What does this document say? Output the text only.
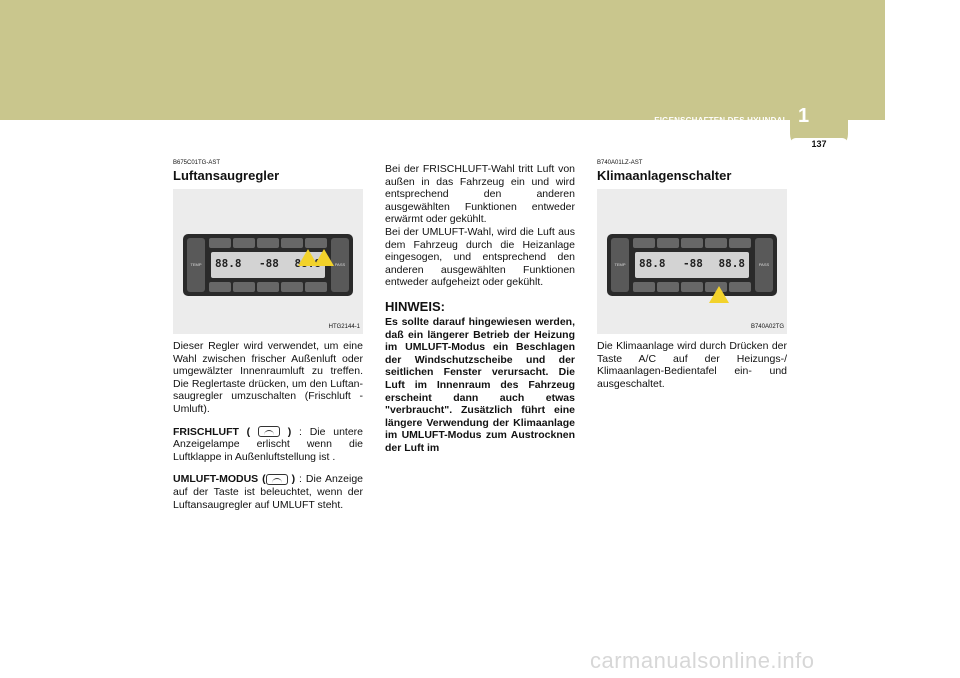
1
EIGENSCHAFTEN DES HYUNDAI
137
B675C01TG-AST
Luftansaugregler
TEMP	PASS
88.8 -88 88.8
HTG2144-1

Dieser Regler wird verwendet, um eine Wahl zwischen frischer Außenluft oder umgewälzter Innenraumluft zu treffen. Die Reglertaste drücken, um den Luftan-saugregler umzuschalten (Frischluft - Umluft).

FRISCHLUFT (	) : Die untere Anzeigelampe erlischt wenn die Luftklappe in Außenluftstellung ist .

UMLUFT-MODUS ( ) : Die Anzeige auf der Taste ist beleuchtet, wenn der Luftansaugregler auf UMLUFT steht.

Bei der FRISCHLUFT-Wahl tritt Luft von außen in das Fahrzeug ein und wird entsprechend den anderen ausgewählten Funktionen entweder erwärmt oder gekühlt.

Bei der UMLUFT-Wahl, wird die Luft aus dem Fahrzeug durch die Heizanlage eingesogen, und entsprechend den anderen ausgewählten Funktionen entweder aufgeheizt oder gekühlt.

HINWEIS:
Es sollte darauf hingewiesen werden, daß ein längerer Betrieb der Heizung im UMLUFT-Modus ein Beschlagen der Windschutzscheibe und der seitlichen Fenster verursacht. Die Luft im Innenraum des Fahrzeug erscheint dann auch etwas "verbraucht". Zusätzlich führt eine längere Verwendung der Klimaanlage im UMLUFT-Modus zum Austrocknen der Luft im
B740A01LZ-AST
Klimaanlagenschalter
TEMP	PASS
88.8 -88 88.8
B740A02TG

Die Klimaanlage wird durch Drücken der Taste A/C auf der Heizungs-/ Klimaanlagen-Bedientafel ein- und ausgeschaltet.

carmanualsonline.info
